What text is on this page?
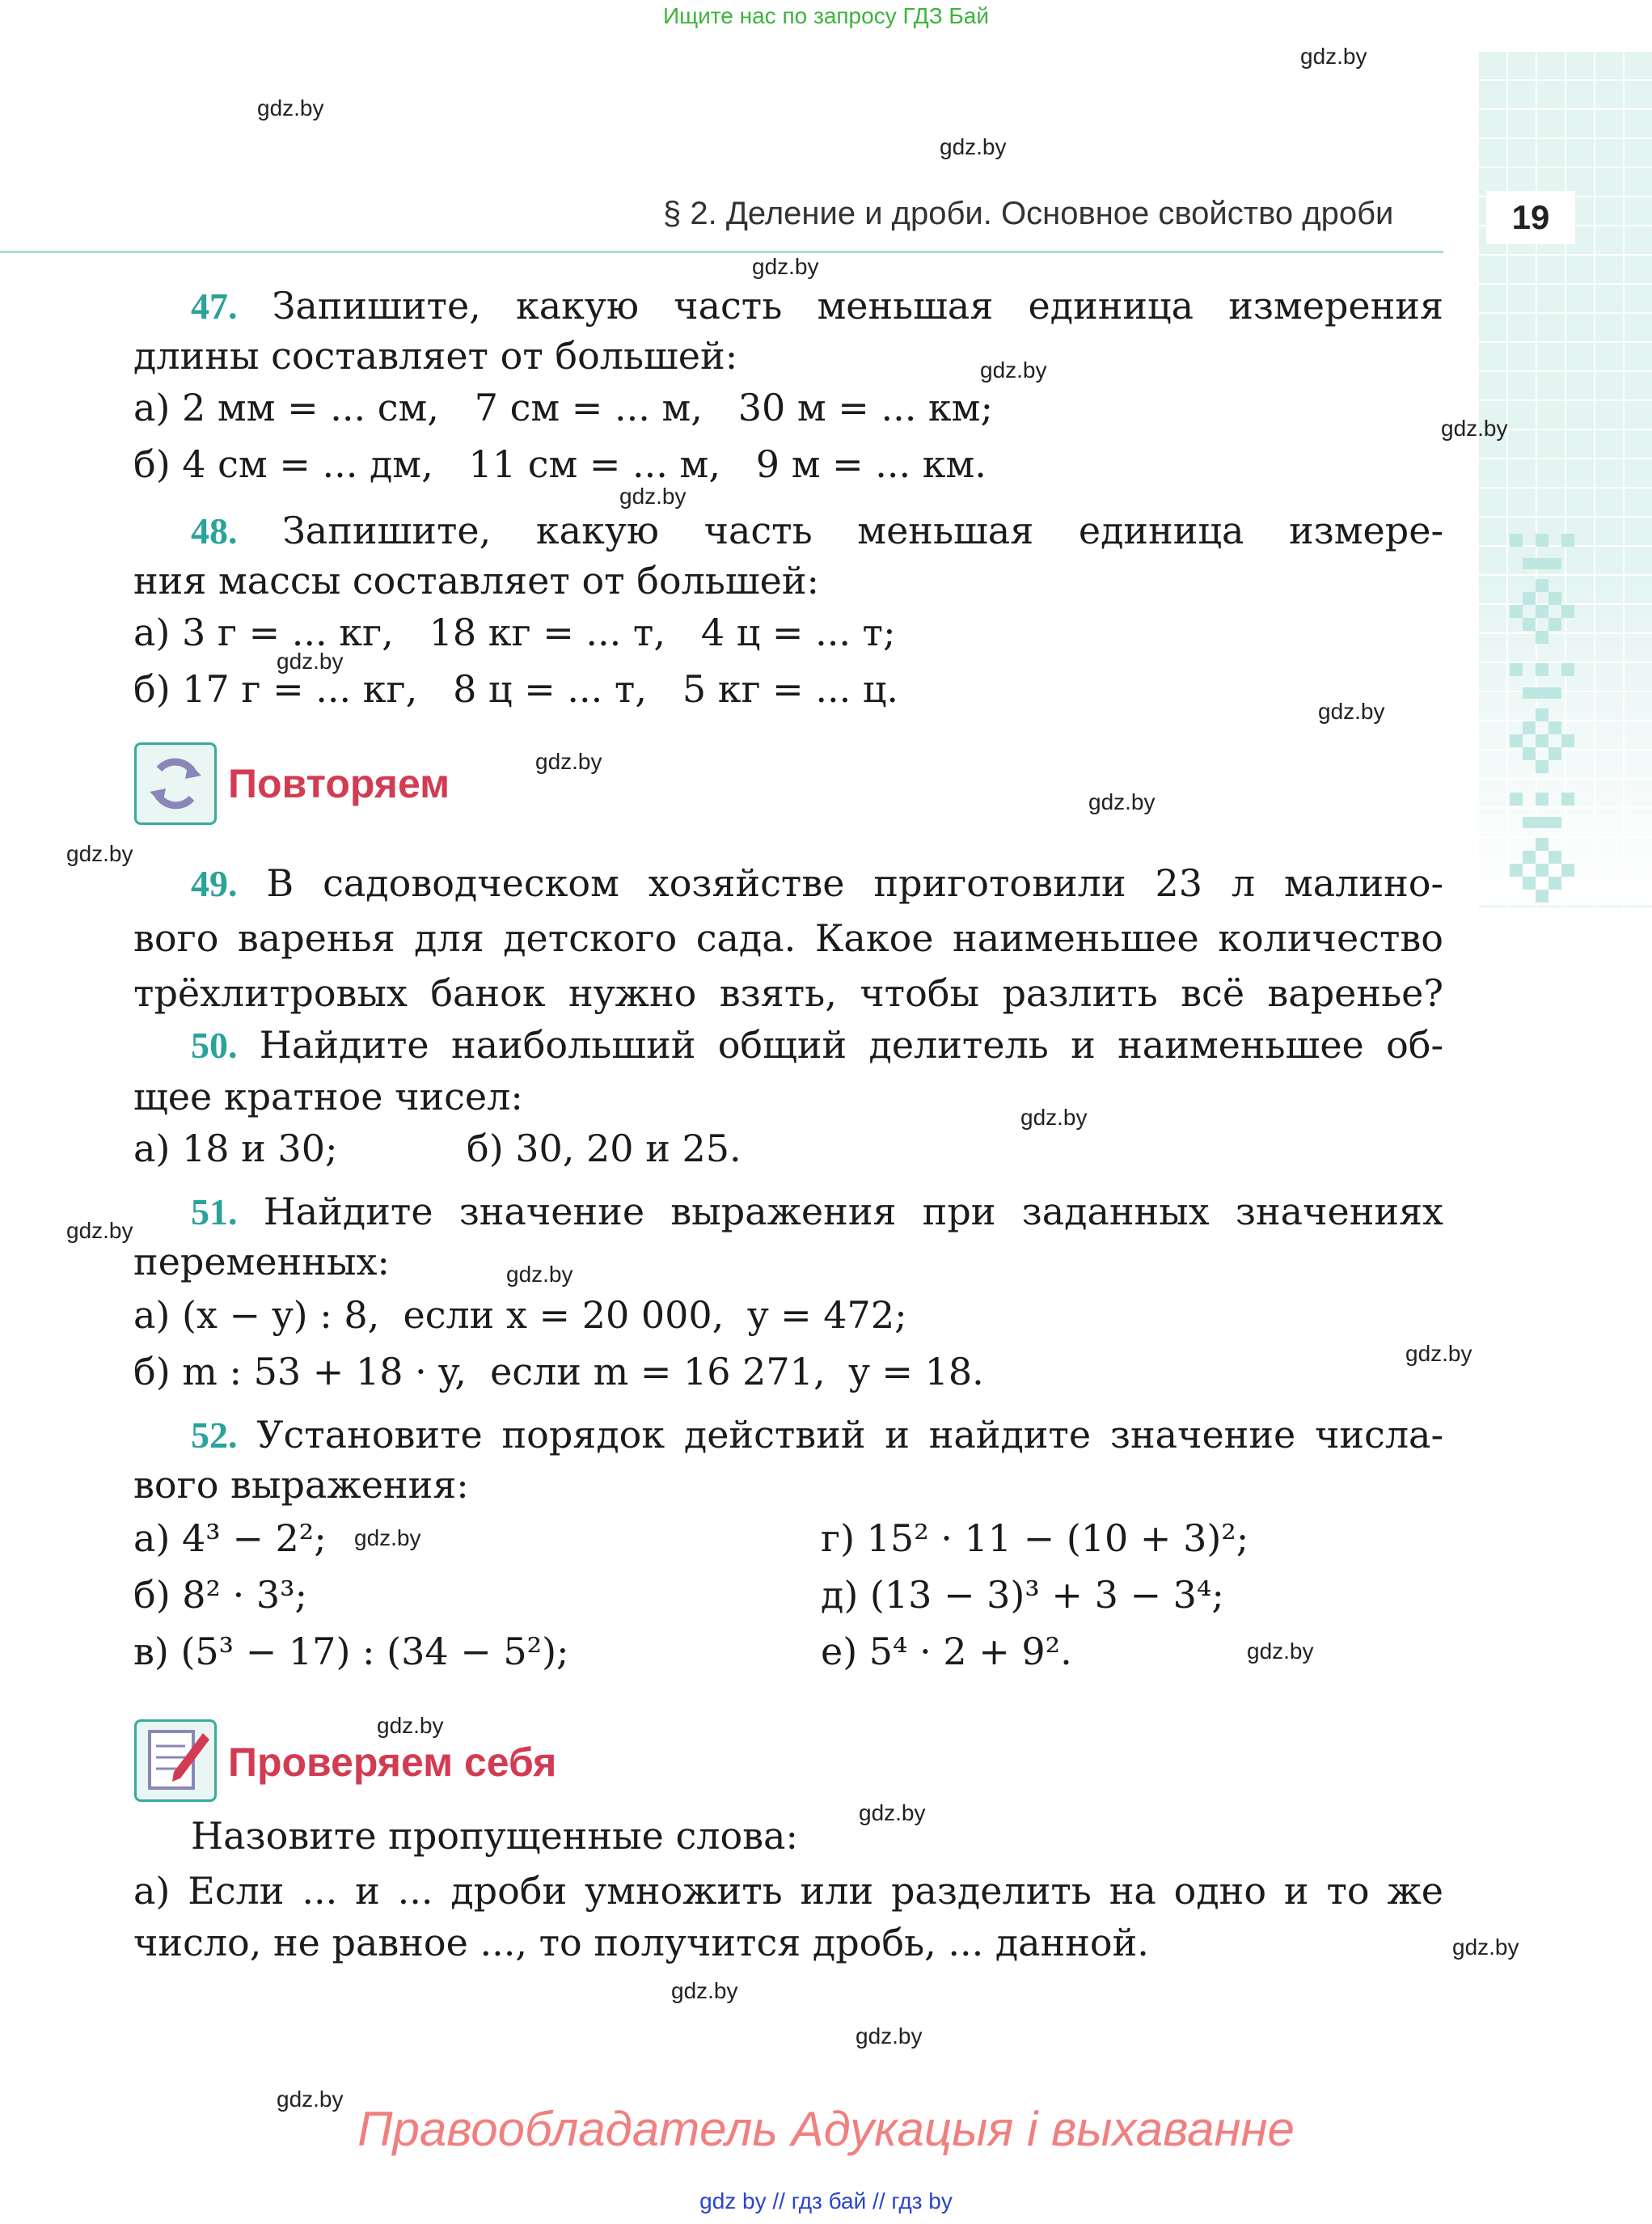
Ищите нас по запросу ГДЗ Бай
§ 2. Деление и дроби. Основное свойство дроби	19
gdz.by
gdz.by
gdz.by
gdz.by
gdz.by
gdz.by
gdz.by
gdz.by
gdz.by
gdz.by
gdz.by
gdz.by
gdz.by
gdz.by
gdz.by
gdz.by
gdz.by
gdz.by
gdz.by
gdz.by
gdz.by
gdz.by
gdz.by
gdz.by
47. Запишите, какую часть меньшая единица измерения
длины составляет от большей:
а) 2 мм = ... см,   7 см = ... м,   30 м = ... км;
б) 4 см = ... дм,   11 см = ... м,   9 м = ... км.
48. Запишите, какую часть меньшая единица измере-
ния массы составляет от большей:
а) 3 г = ... кг,   18 кг = ... т,   4 ц = ... т;
б) 17 г = ... кг,   8 ц = ... т,   5 кг = ... ц.
Повторяем
49. В садоводческом хозяйстве приготовили 23 л малино-
вого варенья для детского сада. Какое наименьшее количество
трёхлитровых банок нужно взять, чтобы разлить всё варенье?
50. Найдите наибольший общий делитель и наименьшее об-
щее кратное чисел:
а) 18 и 30;	б) 30, 20 и 25.
51. Найдите значение выражения при заданных значениях
переменных:
а) (x − y) : 8,  если x = 20 000,  y = 472;
б) m : 53 + 18 · y,  если m = 16 271,  y = 18.
52. Установите порядок действий и найдите значение числа-
вого выражения:
а) 4³ − 2²;	г) 15² · 11 − (10 + 3)²;
б) 8² · 3³;	д) (13 − 3)³ + 3 − 3⁴;
в) (5³ − 17) : (34 − 5²);	е) 5⁴ · 2 + 9².
Проверяем себя
Назовите пропущенные слова:
а) Если ... и ... дроби умножить или разделить на одно и то же
число, не равное ..., то получится дробь, ... данной.
Правообладатель Адукацыя і выхаванне
gdz by // гдз бай // гдз by
